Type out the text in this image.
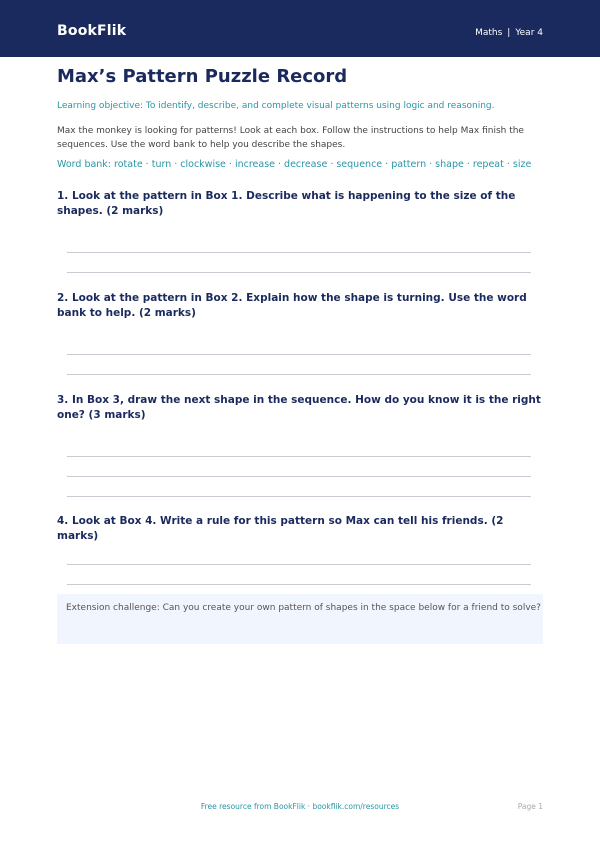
BookFlik	Maths | Year 4
Max’s Pattern Puzzle Record
Learning objective: To identify, describe, and complete visual patterns using logic and reasoning.
Max the monkey is looking for patterns! Look at each box. Follow the instructions to help Max finish the sequences. Use the word bank to help you describe the shapes.
Word bank: rotate · turn · clockwise · increase · decrease · sequence · pattern · shape · repeat · size
1. Look at the pattern in Box 1. Describe what is happening to the size of the shapes. (2 marks)
2. Look at the pattern in Box 2. Explain how the shape is turning. Use the word bank to help. (2 marks)
3. In Box 3, draw the next shape in the sequence. How do you know it is the right one? (3 marks)
4. Look at Box 4. Write a rule for this pattern so Max can tell his friends. (2 marks)
Extension challenge: Can you create your own pattern of shapes in the space below for a friend to solve?
Free resource from BookFlik · bookflik.com/resources	Page 1
